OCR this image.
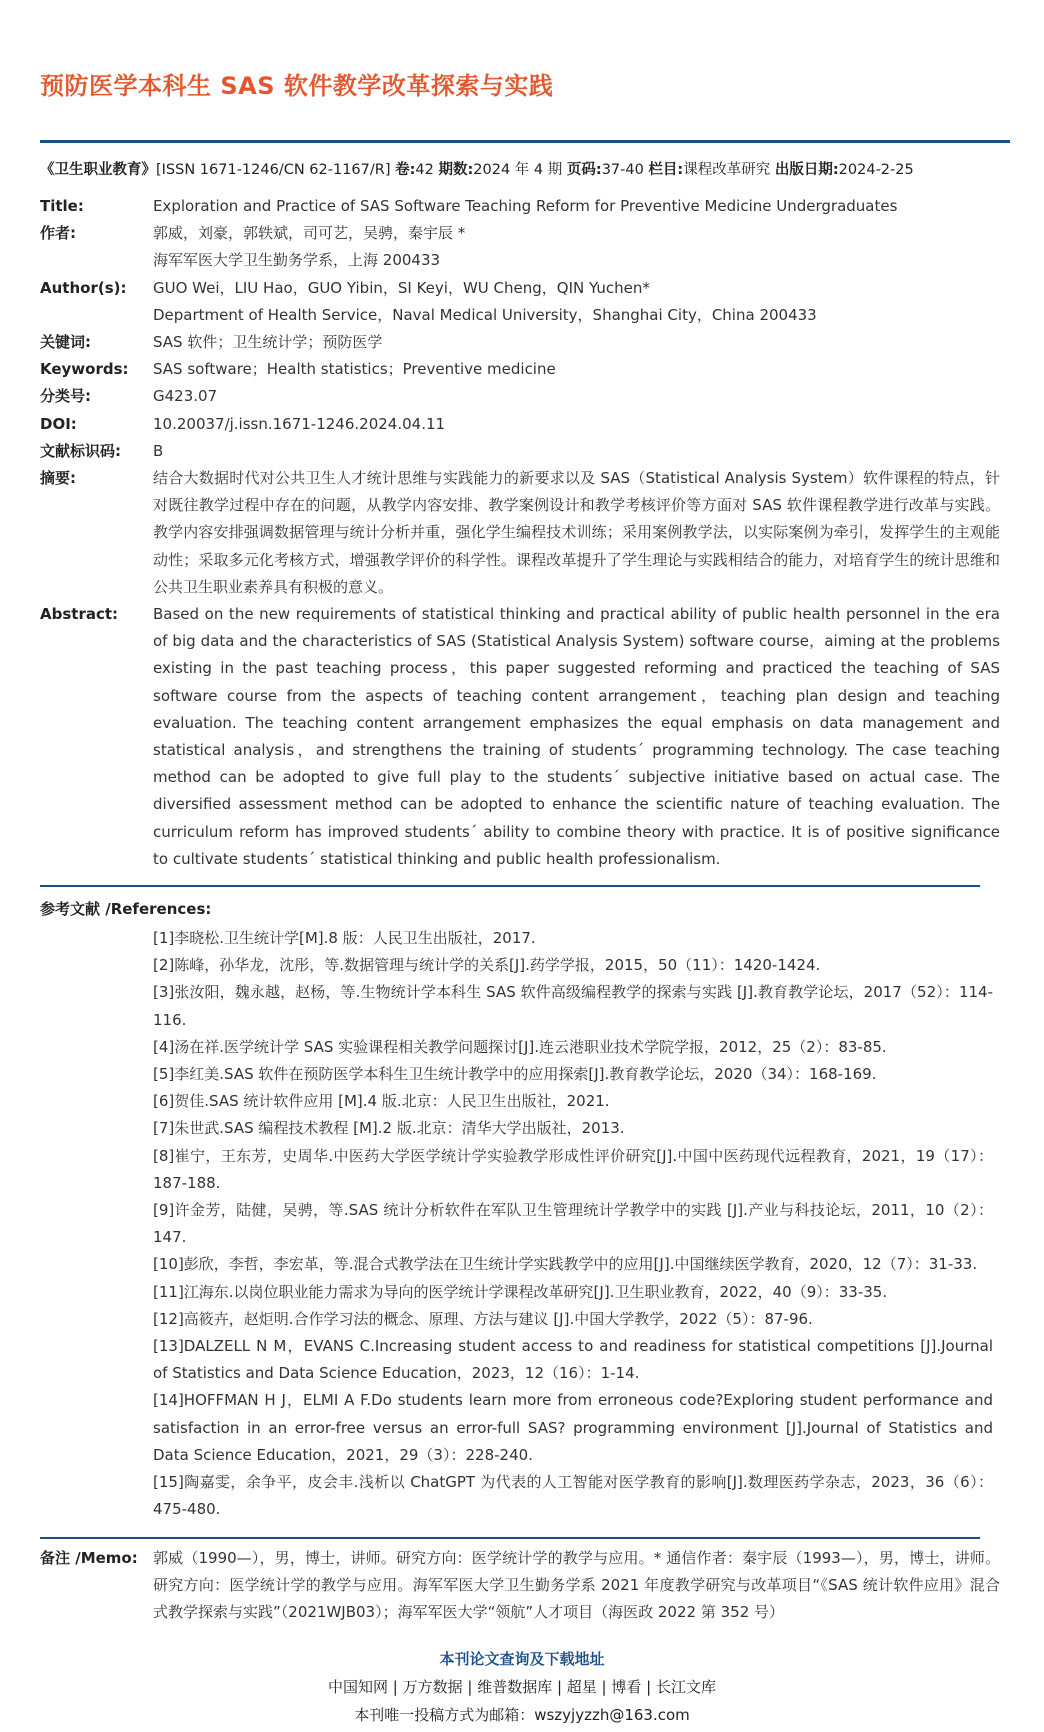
预防医学本科生 SAS 软件教学改革探索与实践
《卫生职业教育》[ISSN 1671-1246/CN 62-1167/R] 卷:42 期数:2024 年 4 期 页码:37-40 栏目:课程改革研究 出版日期:2024-2-25
Title:	Exploration and Practice of SAS Software Teaching Reform for Preventive Medicine Undergraduates
作者:	郭威，刘豪，郭轶斌，司可艺，吴骋，秦宇辰 *
海军军医大学卫生勤务学系，上海 200433
Author(s):	GUO Wei，LIU Hao，GUO Yibin，SI Keyi，WU Cheng，QIN Yuchen*
Department of Health Service，Naval Medical University，Shanghai City，China 200433
关键词:	SAS 软件；卫生统计学；预防医学
Keywords:	SAS software；Health statistics；Preventive medicine
分类号:	G423.07
DOI:	10.20037/j.issn.1671-1246.2024.04.11
文献标识码:	B
摘要:	结合大数据时代对公共卫生人才统计思维与实践能力的新要求以及 SAS（Statistical Analysis System）软件课程的特点，针对既往教学过程中存在的问题，从教学内容安排、教学案例设计和教学考核评价等方面对 SAS 软件课程教学进行改革与实践。教学内容安排强调数据管理与统计分析并重，强化学生编程技术训练；采用案例教学法，以实际案例为牵引，发挥学生的主观能动性；采取多元化考核方式，增强教学评价的科学性。课程改革提升了学生理论与实践相结合的能力，对培育学生的统计思维和公共卫生职业素养具有积极的意义。
Abstract:	Based on the new requirements of statistical thinking and practical ability of public health personnel in the era of big data and the characteristics of SAS (Statistical Analysis System) software course，aiming at the problems existing in the past teaching process，this paper suggested reforming and practiced the teaching of SAS software course from the aspects of teaching content arrangement，teaching plan design and teaching evaluation. The teaching content arrangement emphasizes the equal emphasis on data management and statistical analysis，and strengthens the training of students´ programming technology. The case teaching method can be adopted to give full play to the students´ subjective initiative based on actual case. The diversified assessment method can be adopted to enhance the scientific nature of teaching evaluation. The curriculum reform has improved students´ ability to combine theory with practice. It is of positive significance to cultivate students´ statistical thinking and public health professionalism.
参考文献 /References:
[1]李晓松.卫生统计学[M].8 版：人民卫生出版社，2017.
[2]陈峰，孙华龙，沈彤，等.数据管理与统计学的关系[J].药学学报，2015，50（11）：1420-1424.
[3]张汝阳，魏永越，赵杨，等.生物统计学本科生 SAS 软件高级编程教学的探索与实践 [J].教育教学论坛，2017（52）：114-116.
[4]汤在祥.医学统计学 SAS 实验课程相关教学问题探讨[J].连云港职业技术学院学报，2012，25（2）：83-85.
[5]李红美.SAS 软件在预防医学本科生卫生统计教学中的应用探索[J].教育教学论坛，2020（34）：168-169.
[6]贺佳.SAS 统计软件应用 [M].4 版.北京：人民卫生出版社，2021.
[7]朱世武.SAS 编程技术教程 [M].2 版.北京：清华大学出版社，2013.
[8]崔宁，王东芳，史周华.中医药大学医学统计学实验教学形成性评价研究[J].中国中医药现代远程教育，2021，19（17）：187-188.
[9]许金芳，陆健，吴骋，等.SAS 统计分析软件在军队卫生管理统计学教学中的实践 [J].产业与科技论坛，2011，10（2）：147.
[10]彭欣，李哲，李宏革，等.混合式教学法在卫生统计学实践教学中的应用[J].中国继续医学教育，2020，12（7）：31-33.
[11]江海东.以岗位职业能力需求为导向的医学统计学课程改革研究[J].卫生职业教育，2022，40（9）：33-35.
[12]高筱卉，赵炬明.合作学习法的概念、原理、方法与建议 [J].中国大学教学，2022（5）：87-96.
[13]DALZELL N M，EVANS C.Increasing student access to and readiness for statistical competitions [J].Journal of Statistics and Data Science Education，2023，12（16）：1-14.
[14]HOFFMAN H J，ELMI A F.Do students learn more from erroneous code?Exploring student performance and satisfaction in an error-free versus an error-full SAS? programming environment [J].Journal of Statistics and Data Science Education，2021，29（3）：228-240.
[15]陶嘉雯，余争平，皮会丰.浅析以 ChatGPT 为代表的人工智能对医学教育的影响[J].数理医药学杂志，2023，36（6）：475-480.
备注 /Memo:	郭威（1990—），男，博士，讲师。研究方向：医学统计学的教学与应用。* 通信作者：秦宇辰（1993—），男，博士，讲师。研究方向：医学统计学的教学与应用。海军军医大学卫生勤务学系 2021 年度教学研究与改革项目“《SAS 统计软件应用》混合式教学探索与实践”（2021WJB03）；海军军医大学“领航”人才项目（海医政 2022 第 352 号）
本刊论文查询及下载地址
中国知网 | 万方数据 | 维普数据库 | 超星 | 博看 | 长江文库
本刊唯一投稿方式为邮箱：wszyjyzzh@163.com
